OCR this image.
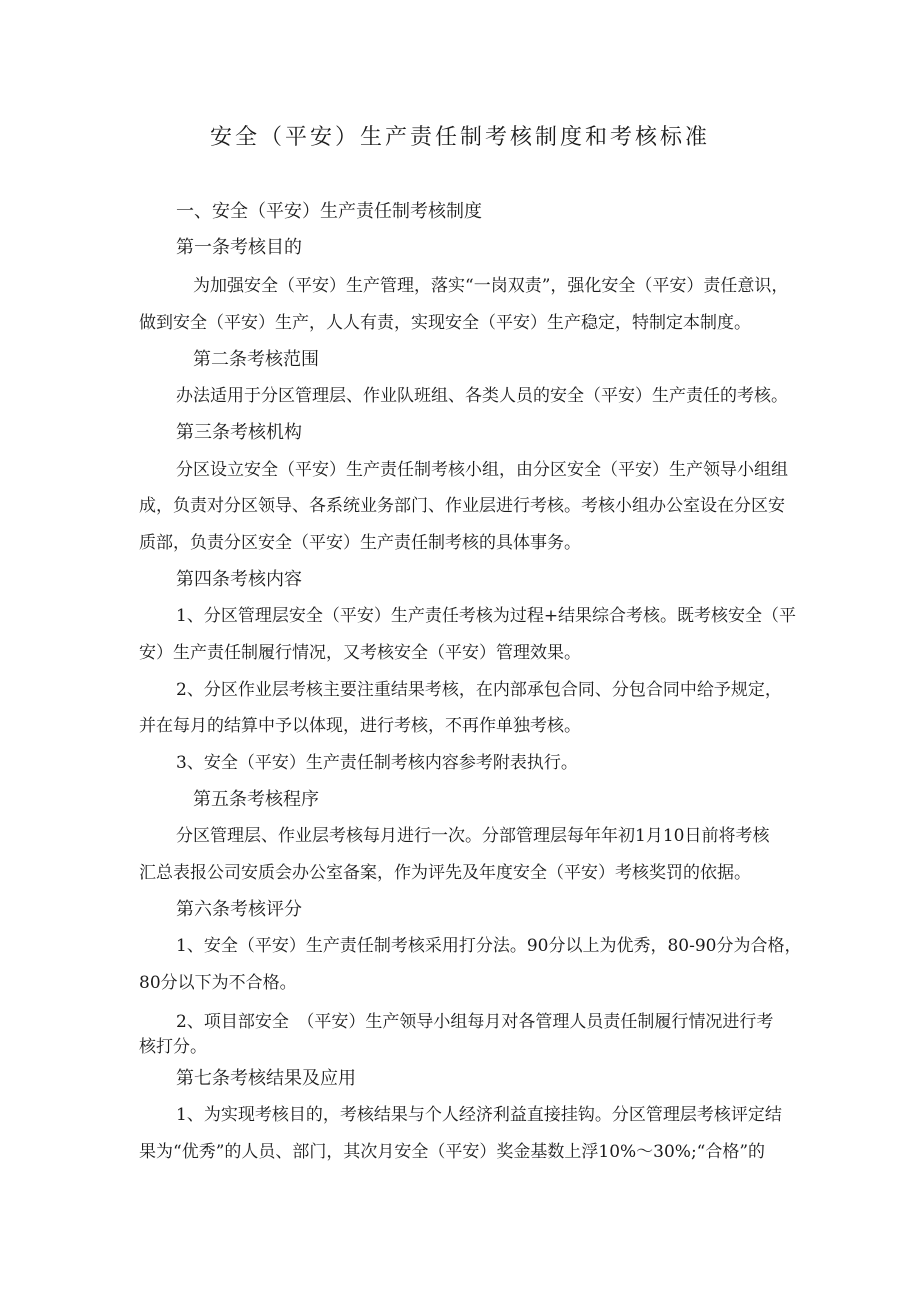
安全（平安）生产责任制考核制度和考核标准
一、安全（平安）生产责任制考核制度
第一条考核目的
为加强安全（平安）生产管理，落实“一岗双责”，强化安全（平安）责任意识，
做到安全（平安）生产，人人有责，实现安全（平安）生产稳定，特制定本制度。
第二条考核范围
办法适用于分区管理层、作业队班组、各类人员的安全（平安）生产责任的考核。
第三条考核机构
分区设立安全（平安）生产责任制考核小组，由分区安全（平安）生产领导小组组
成，负责对分区领导、各系统业务部门、作业层进行考核。考核小组办公室设在分区安
质部，负责分区安全（平安）生产责任制考核的具体事务。
第四条考核内容
1、分区管理层安全（平安）生产责任考核为过程+结果综合考核。既考核安全（平
安）生产责任制履行情况，又考核安全（平安）管理效果。
2、分区作业层考核主要注重结果考核，在内部承包合同、分包合同中给予规定，
并在每月的结算中予以体现，进行考核，不再作单独考核。
3、安全（平安）生产责任制考核内容参考附表执行。
第五条考核程序
分区管理层、作业层考核每月进行一次。分部管理层每年年初1月10日前将考核
汇总表报公司安质会办公室备案，作为评先及年度安全（平安）考核奖罚的依据。
第六条考核评分
1、安全（平安）生产责任制考核采用打分法。90分以上为优秀，80-90分为合格，
80分以下为不合格。
2、项目部安全　（平安）生产领导小组每月对各管理人员责任制履行情况进行考
核打分。
第七条考核结果及应用
1、为实现考核目的，考核结果与个人经济利益直接挂钩。分区管理层考核评定结
果为“优秀”的人员、部门，其次月安全（平安）奖金基数上浮10%～30%;“合格”的
